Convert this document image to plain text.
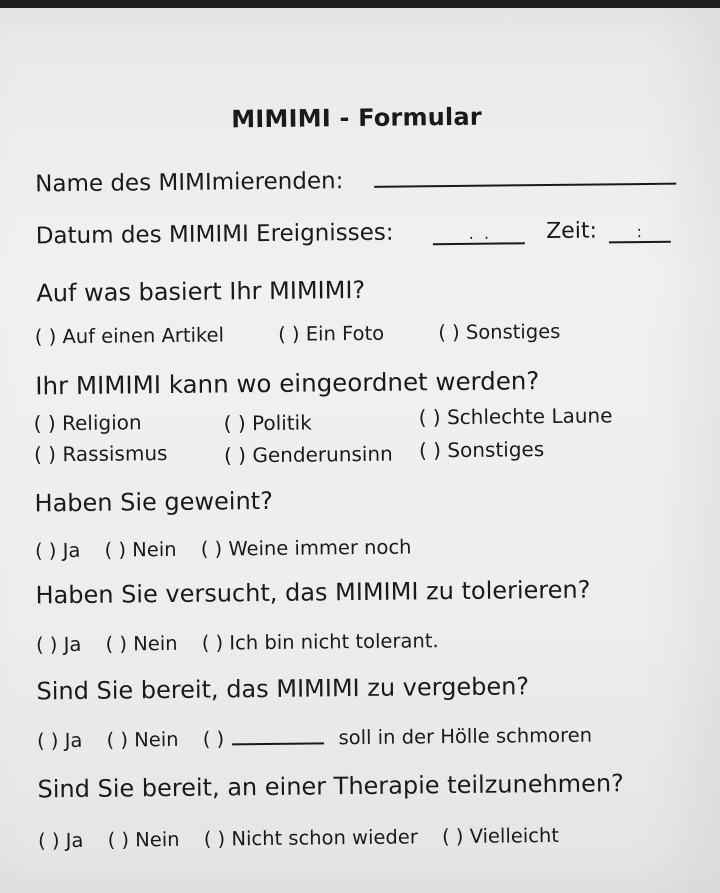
MIMIMI - Formular
Name des MIMImierenden:
Datum des MIMIMI Ereignisses:	.  .	Zeit: :
Auf was basiert Ihr MIMIMI?
( ) Auf einen Artikel	( ) Ein Foto	( ) Sonstiges
Ihr MIMIMI kann wo eingeordnet werden?
( ) Religion	( ) Politik	( ) Schlechte Laune
( ) Rassismus	( ) Genderunsinn ( ) Sonstiges
Haben Sie geweint?
( ) Ja ( ) Nein ( ) Weine immer noch
Haben Sie versucht, das MIMIMI zu tolerieren?
( ) Ja ( ) Nein ( ) Ich bin nicht tolerant.
Sind Sie bereit, das MIMIMI zu vergeben?
( ) Ja ( ) Nein ( )	soll in der Hölle schmoren
Sind Sie bereit, an einer Therapie teilzunehmen?
( ) Ja ( ) Nein ( ) Nicht schon wieder ( ) Vielleicht
